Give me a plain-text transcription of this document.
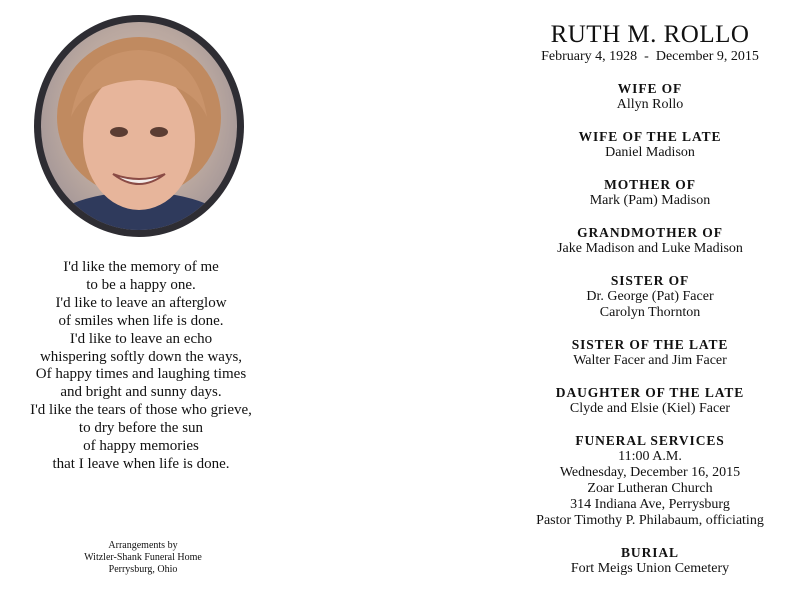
I'd like the memory of me
to be a happy one.
I'd like to leave an afterglow
of smiles when life is done.
I'd like to leave an echo
whispering softly down the ways,
Of happy times and laughing times
and bright and sunny days.
I'd like the tears of those who grieve,
to dry before the sun
of happy memories
that I leave when life is done.
Arrangements by
Witzler-Shank Funeral Home
Perrysburg, Ohio
RUTH M. ROLLO
February 4, 1928  -  December 9, 2015
WIFE OF
Allyn Rollo
WIFE OF THE LATE
Daniel Madison
MOTHER OF
Mark (Pam) Madison
GRANDMOTHER OF
Jake Madison and Luke Madison
SISTER OF
Dr. George (Pat) Facer
Carolyn Thornton
SISTER OF THE LATE
Walter Facer and Jim Facer
DAUGHTER OF THE LATE
Clyde and Elsie (Kiel) Facer
FUNERAL SERVICES
11:00 A.M.
Wednesday, December 16, 2015
Zoar Lutheran Church
314 Indiana Ave, Perrysburg
Pastor Timothy P. Philabaum, officiating
BURIAL
Fort Meigs Union Cemetery
